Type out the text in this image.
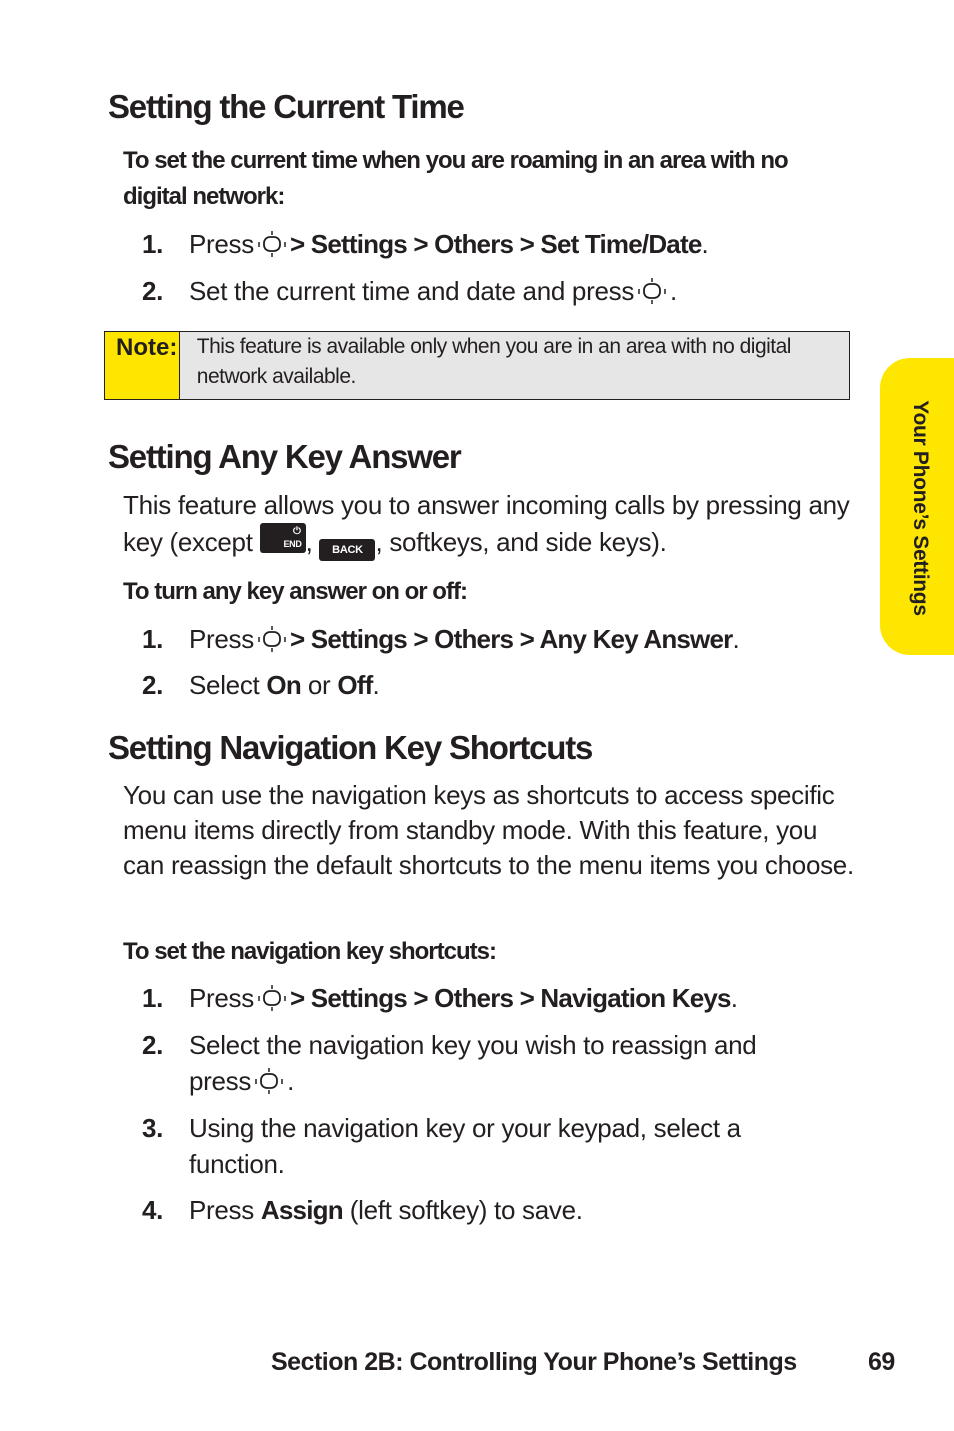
Setting the Current Time
To set the current time when you are roaming in an area with no digital network:
1. Press > Settings > Others > Set Time/Date.
2. Set the current time and date and press .
Note: This feature is available only when you are in an area with no digital network available.
Setting Any Key Answer
This feature allows you to answer incoming calls by pressing any key (except	⏻
END , BACK , softkeys, and side keys).
To turn any key answer on or off:
1. Press > Settings > Others > Any Key Answer.
2. Select On or Off.
Setting Navigation Key Shortcuts
You can use the navigation keys as shortcuts to access specific menu items directly from standby mode. With this feature, you can reassign the default shortcuts to the menu items you choose.
To set the navigation key shortcuts:
1. Press > Settings > Others > Navigation Keys.
2. Select the navigation key you wish to reassign and press .
3. Using the navigation key or your keypad, select a function.
4. Press Assign (left softkey) to save.
Your Phone’s Settings
Section 2B: Controlling Your Phone’s Settings	69
